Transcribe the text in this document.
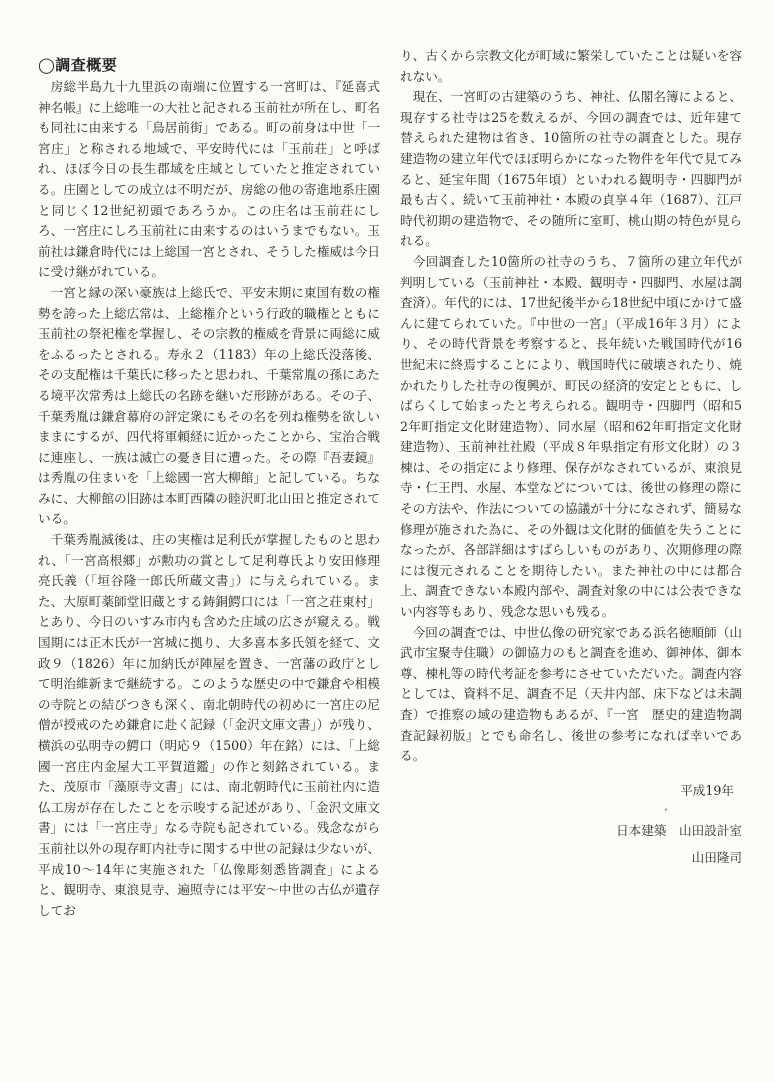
◯調査概要

房総半島九十九里浜の南端に位置する一宮町は、『延喜式　神名帳』に上総唯一の大社と記される玉前社が所在し、町名も同社に由来する「鳥居前街」である。町の前身は中世「一宮庄」と称される地域で、平安時代には「玉前荘」と呼ばれ、ほぼ今日の長生郡域を庄域としていたと推定されている。庄園としての成立は不明だが、房総の他の寄進地系庄園と同じく12世紀初頭であろうか。この庄名は玉前荘にしろ、一宮庄にしろ玉前社に由来するのはいうまでもない。玉前社は鎌倉時代には上総国一宮とされ、そうした権威は今日に受け継がれている。

一宮と縁の深い豪族は上総氏で、平安末期に東国有数の権勢を誇った上総広常は、上総権介という行政的職権とともに玉前社の祭祀権を掌握し、その宗教的権威を背景に両総に威をふるったとされる。寿永２（1183）年の上総氏没落後、その支配権は千葉氏に移ったと思われ、千葉常胤の孫にあたる境平次常秀は上総氏の名跡を継いだ形跡がある。その子、千葉秀胤は鎌倉幕府の評定衆にもその名を列ね権勢を欲しいままにするが、四代将軍頼経に近かったことから、宝治合戦に連座し、一族は滅亡の憂き目に遭った。その際『吾妻鏡』は秀胤の住まいを「上総國一宮大柳館」と記している。ちなみに、大柳館の旧跡は本町西隣の睦沢町北山田と推定されている。

千葉秀胤滅後は、庄の実権は足利氏が掌握したものと思われ、「一宮高根郷」が勲功の賞として足利尊氏より安田修理亮氏義（「垣谷隆一郎氏所蔵文書」）に与えられている。また、大原町薬師堂旧蔵とする鋳銅鰐口には「一宮之荘東村」とあり、今日のいすみ市内も含めた庄域の広さが窺える。戦国期には正木氏が一宮城に拠り、大多喜本多氏領を経て、文政９（1826）年に加納氏が陣屋を置き、一宮藩の政庁として明治維新まで継続する。このような歴史の中で鎌倉や相模の寺院との結びつきも深く、南北朝時代の初めに一宮庄の尼僧が授戒のため鎌倉に赴く記録（「金沢文庫文書」）が残り、横浜の弘明寺の鰐口（明応９（1500）年在銘）には、「上総國一宮庄内金屋大工平賀道鑑」の作と刻銘されている。また、茂原市「藻原寺文書」には、南北朝時代に玉前社内に造仏工房が存在したことを示唆する記述があり、「金沢文庫文書」には「一宮庄寺」なる寺院も記されている。残念ながら玉前社以外の現存町内社寺に関する中世の記録は少ないが、平成10～14年に実施された「仏像彫刻悉皆調査」によると、観明寺、東浪見寺、遍照寺には平安～中世の古仏が遺存してお

り、古くから宗教文化が町域に繁栄していたことは疑いを容れない。

現在、一宮町の古建築のうち、神社、仏閣名簿によると、現存する社寺は25を数えるが、今回の調査では、近年建て替えられた建物は省き、10箇所の社寺の調査とした。現存建造物の建立年代でほぼ明らかになった物件を年代で見てみると、延宝年間（1675年頃）といわれる観明寺・四脚門が最も古く、続いて玉前神社・本殿の貞享４年（1687）、江戸時代初期の建造物で、その随所に室町、桃山期の特色が見られる。

今回調査した10箇所の社寺のうち、７箇所の建立年代が判明している（玉前神社・本殿、観明寺・四脚門、水屋は調査済）。年代的には、17世紀後半から18世紀中頃にかけて盛んに建てられていた。『中世の一宮』（平成16年３月）により、その時代背景を考察すると、長年続いた戦国時代が16世紀末に終焉することにより、戦国時代に破壊されたり、焼かれたりした社寺の復興が、町民の経済的安定とともに、しばらくして始まったと考えられる。観明寺・四脚門（昭和52年町指定文化財建造物）、同水屋（昭和62年町指定文化財建造物）、玉前神社社殿（平成８年県指定有形文化財）の３棟は、その指定により修理、保存がなされているが、東浪見寺・仁王門、水屋、本堂などについては、後世の修理の際にその方法や、作法についての協議が十分になされず、簡易な修理が施された為に、その外観は文化財的価値を失うことになったが、各部詳細はすばらしいものがあり、次期修理の際には復元されることを期待したい。また神社の中には都合上、調査できない本殿内部や、調査対象の中には公表できない内容等もあり、残念な思いも残る。

今回の調査では、中世仏像の研究家である浜名徳順師（山武市宝聚寺住職）の御協力のもと調査を進め、御神体、御本尊、棟札等の時代考証を参考にさせていただいた。調査内容としては、資料不足、調査不足（天井内部、床下などは未調査）で推察の域の建造物もあるが、『一宮　歴史的建造物調査記録初版』とでも命名し、後世の参考になれば幸いである。

平成19年

・

日本建築　山田設計室

山田隆司
